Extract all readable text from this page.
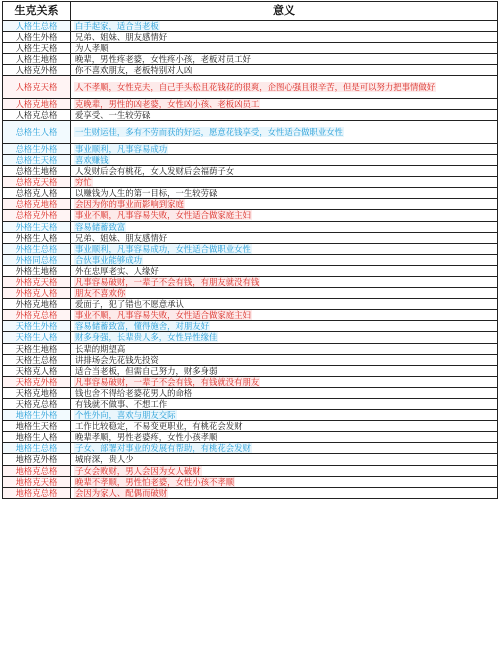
生克关系	意义
人格生总格	白手起家，适合当老板
人格生外格	兄弟、姐妹、朋友感情好
人格生天格	为人孝顺
人格生地格	晚辈，男性疼老婆，女性疼小孩，老板对员工好
人格克外格	你不喜欢朋友，老板特别对人凶
人格克天格	人不孝顺，女性克夫，自己手头松且花钱花的很爽，企图心强且很辛苦，但是可以努力把事情做好
人格克地格	克晚辈，男性的凶老婆，女性凶小孩、老板凶员工
人格克总格	爱享受、一生较劳碌
总格生人格	一生财运佳，多有不劳而获的好运，愿意花钱享受，女性适合做职业女性
总格生外格	事业顺利，凡事容易成功
总格生天格	喜欢赚钱
总格生地格	人发财后会有桃花，女人发财后会福荫子女
总格克天格	穷忙
总格克人格	以赚钱为人生的第一目标，一生较劳碌
总格克地格	会因为你的事业而影响到家庭
总格克外格	事业不顺，凡事容易失败，女性适合做家庭主妇
外格生天格	容易储蓄致富
外格生人格	兄弟、姐妹、朋友感情好
外格生总格	事业顺利，凡事容易成功，女性适合做职业女性
外格同总格	合伙事业能够成功
外格生地格	外在忠厚老实、人缘好
外格克天格	凡事容易破财，一辈子不会有钱，有朋友就没有钱
外格克人格	朋友不喜欢你
外格克地格	爱面子，犯了错也不愿意承认
外格克总格	事业不顺，凡事容易失败，女性适合做家庭主妇
天格生外格	容易储蓄致富，懂得施舍，对朋友好
天格生人格	财多身强，长辈贵人多，女性异性缘佳
天格生地格	长辈的期望高
天格生总格	讲排场会先花钱先投资
天格克人格	适合当老板，但需自己努力，财多身弱
天格克外格	凡事容易破财，一辈子不会有钱，有钱就没有朋友
天格克地格	钱也舍不得给老婆花男人的命格
天格克总格	有钱就不做事、不想工作
地格生外格	个性外向，喜欢与朋友交际
地格生天格	工作比较稳定，不易变更职业，有桃花会发财
地格生人格	晚辈孝顺，男性老婆疼，女性小孩孝顺
地格生总格	子女、部署对事业的发展有帮助，有桃花会发财
地格克外格	城府深，贵人少
地格克总格	子女会败财，男人会因为女人破财
地格克天格	晚辈不孝顺，男性怕老婆，女性小孩不孝顺
地格克总格	会因为家人、配偶而破财
